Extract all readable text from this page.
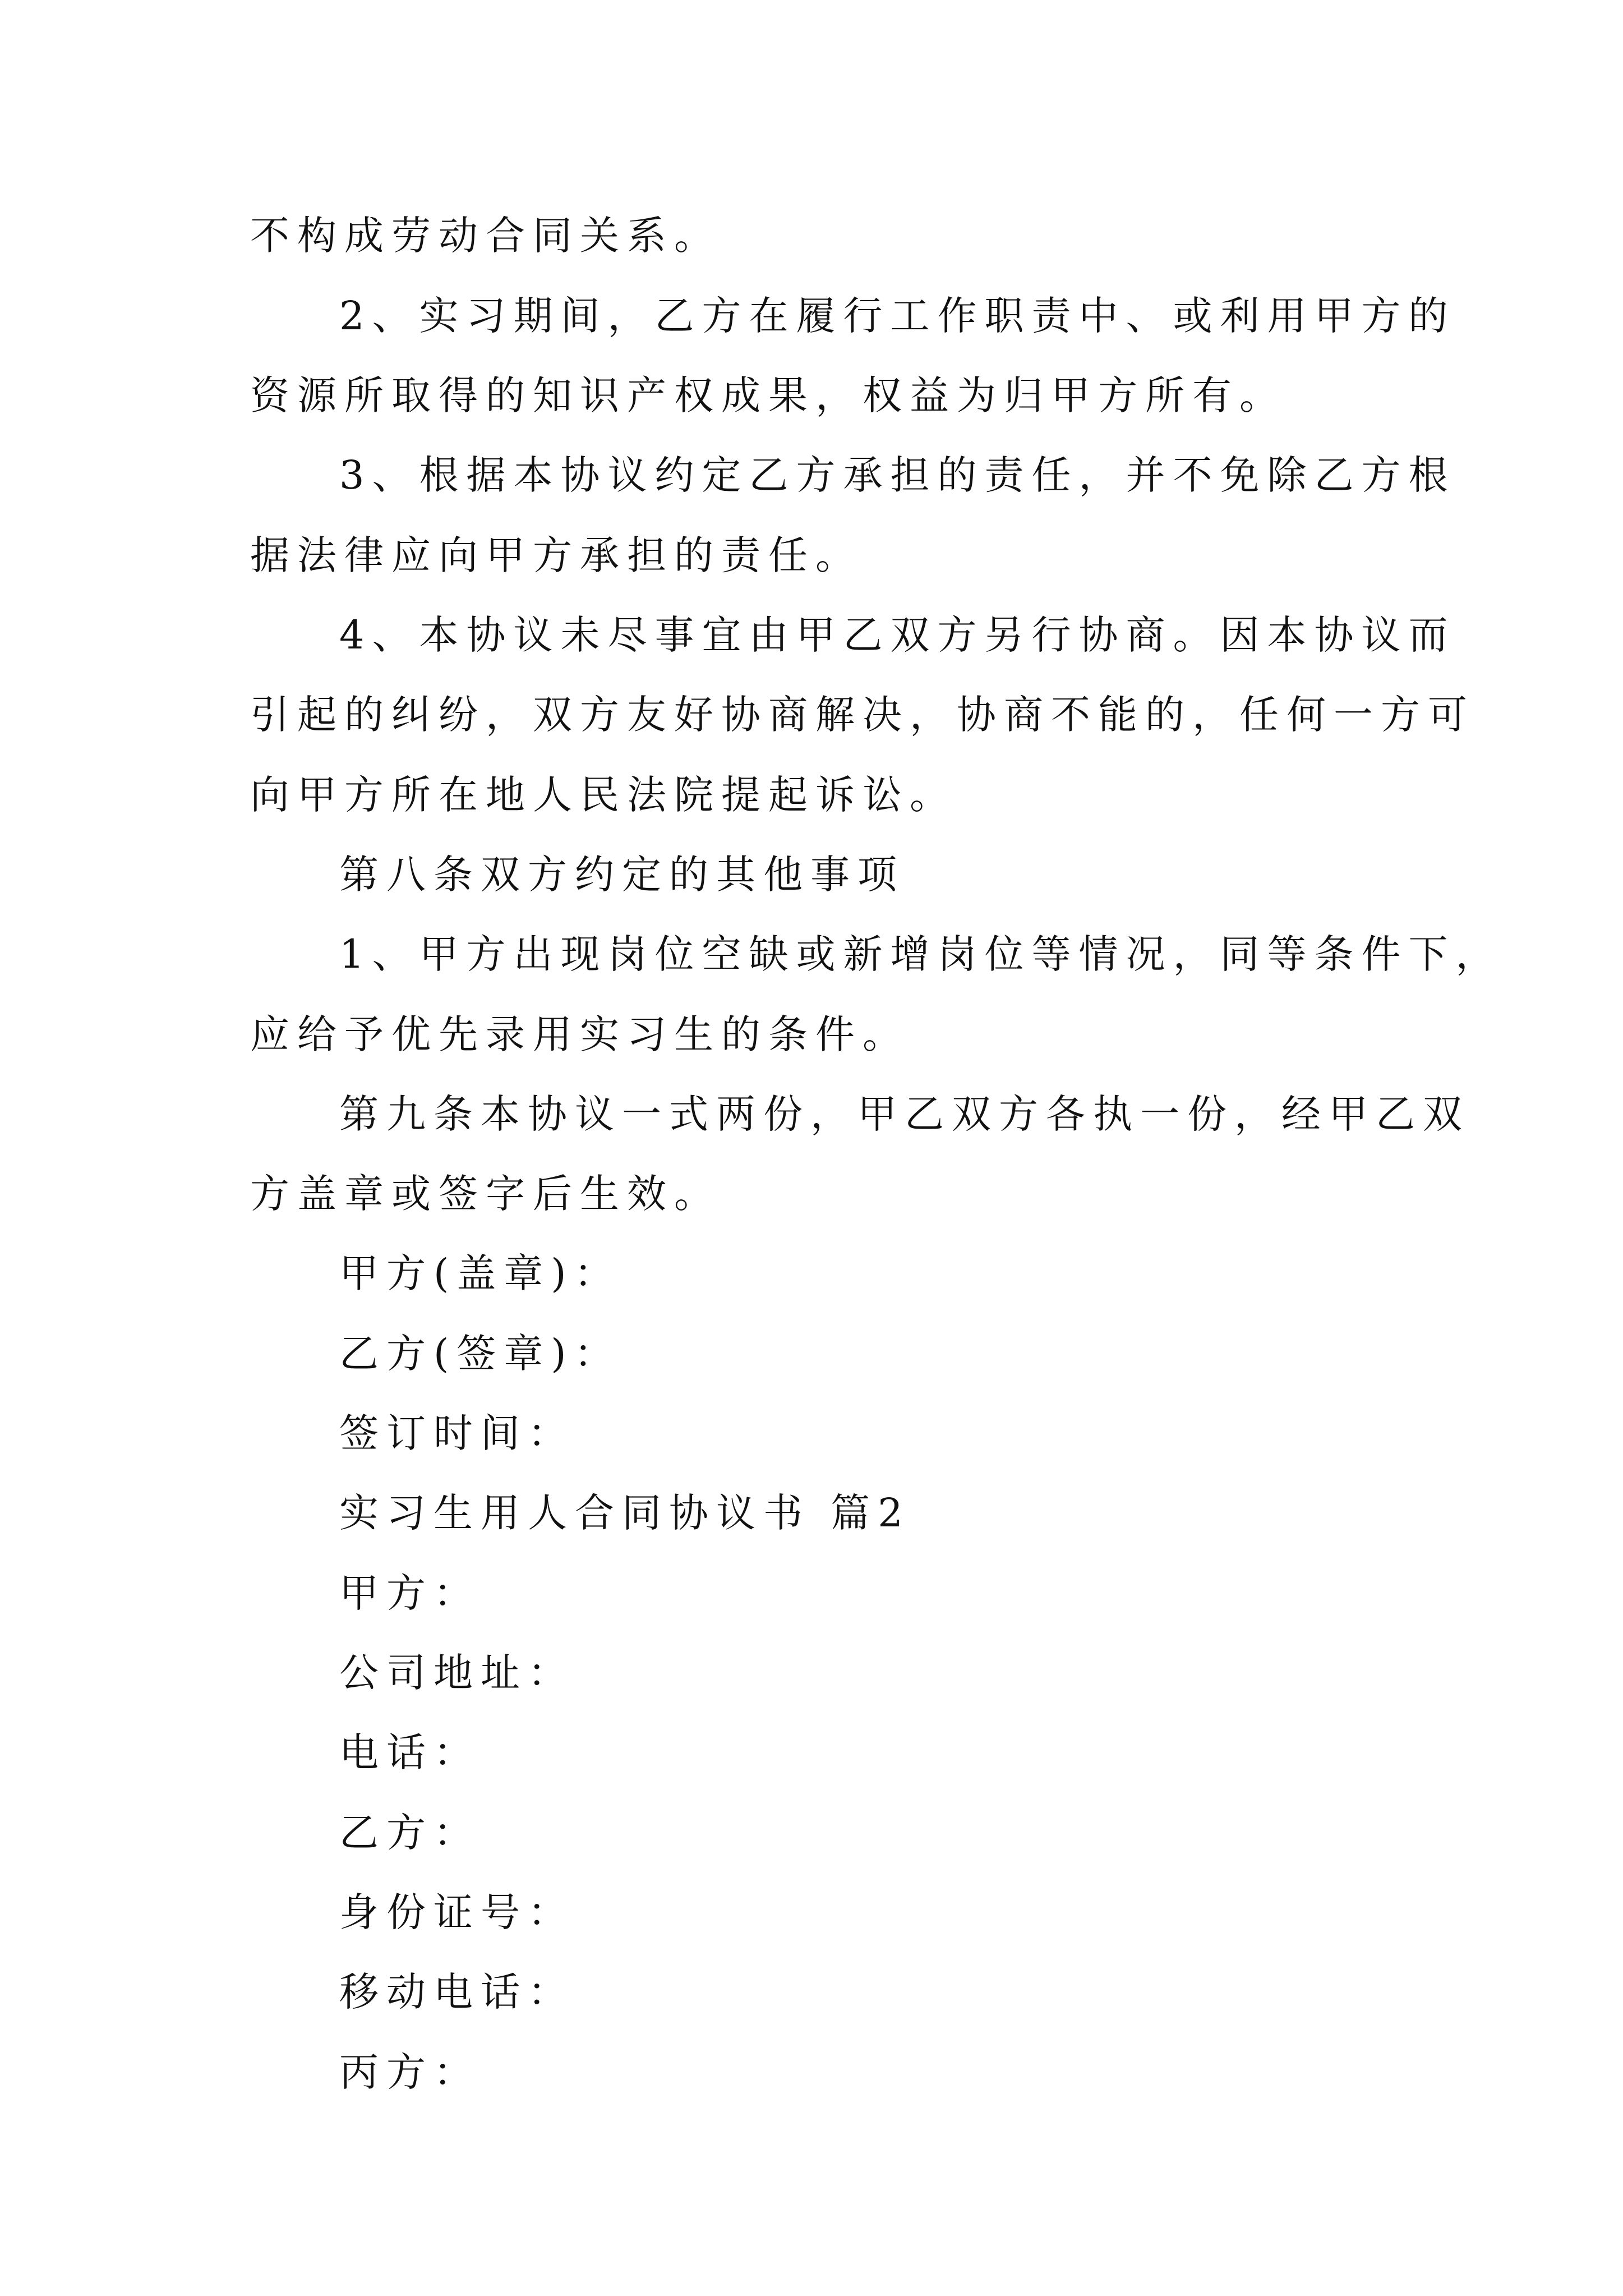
不构成劳动合同关系。
2、实习期间，乙方在履行工作职责中、或利用甲方的
资源所取得的知识产权成果，权益为归甲方所有。
3、根据本协议约定乙方承担的责任，并不免除乙方根
据法律应向甲方承担的责任。
4、本协议未尽事宜由甲乙双方另行协商。因本协议而
引起的纠纷，双方友好协商解决，协商不能的，任何一方可
向甲方所在地人民法院提起诉讼。
第八条双方约定的其他事项
1、甲方出现岗位空缺或新增岗位等情况，同等条件下，
应给予优先录用实习生的条件。
第九条本协议一式两份，甲乙双方各执一份，经甲乙双
方盖章或签字后生效。
甲方(盖章)：
乙方(签章)：
签订时间：
实习生用人合同协议书 篇2
甲方：
公司地址：
电话：
乙方：
身份证号：
移动电话：
丙方：
